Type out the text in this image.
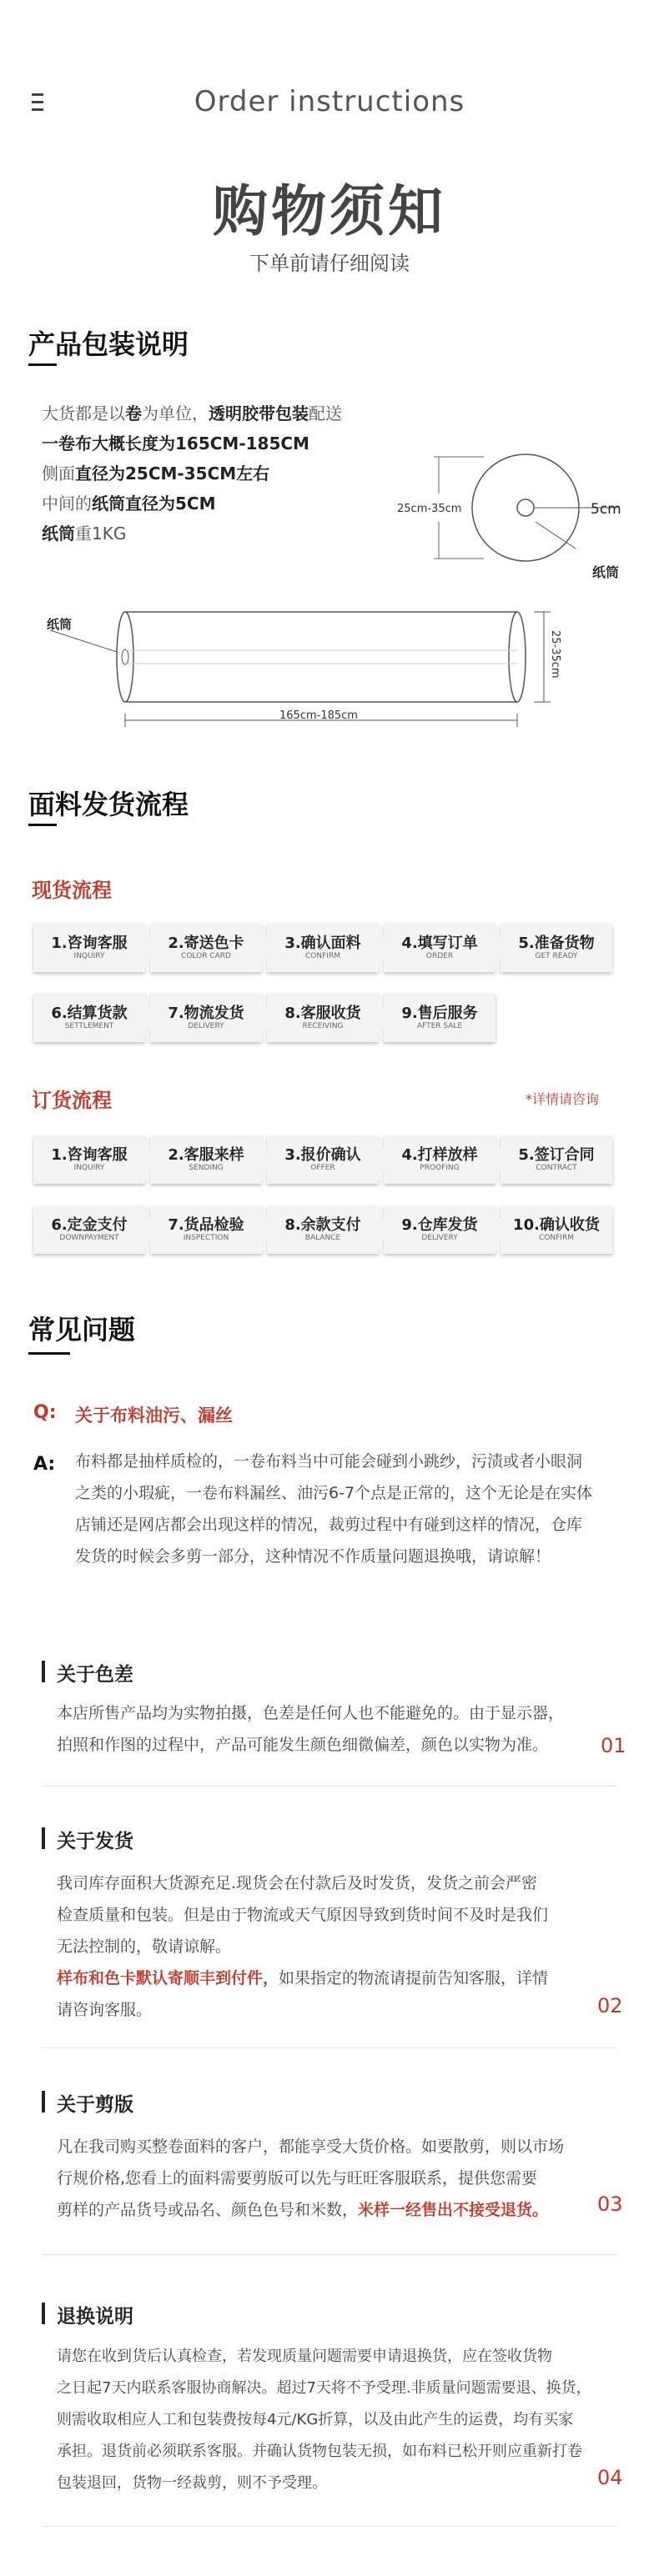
Order instructions
购物须知
下单前请仔细阅读
产品包装说明
大货都是以卷为单位，透明胶带包装配送
一卷布大概长度为165CM-185CM
侧面直径为25CM-35CM左右
中间的纸筒直径为5CM
纸筒重1KG
25cm-35cm	5cm
纸筒
纸筒
165cm-185cm
25-35cm
面料发货流程
现货流程
1.咨询客服
INQUIRY
2.寄送色卡
COLOR CARD
3.确认面料
CONFIRM
4.填写订单
ORDER
5.准备货物
GET READY
6.结算货款
SETTLEMENT
7.物流发货
DELIVERY
8.客服收货
RECEIVING
9.售后服务
AFTER SALE
订货流程	*详情请咨询
1.咨询客服
INQUIRY
2.客服来样
SENDING
3.报价确认
OFFER
4.打样放样
PROOFING
5.签订合同
CONTRACT
6.定金支付
DOWNPAYMENT
7.货品检验
INSPECTION
8.余款支付
BALANCE
9.仓库发货
DELIVERY
10.确认收货
CONFIRM
常见问题
Q: 关于布料油污、漏丝
A: 布料都是抽样质检的，一卷布料当中可能会碰到小跳纱，污渍或者小眼洞
之类的小瑕疵，一卷布料漏丝、油污6-7个点是正常的，这个无论是在实体
店铺还是网店都会出现这样的情况，裁剪过程中有碰到这样的情况，仓库
发货的时候会多剪一部分，这种情况不作质量问题退换哦，请谅解！
关于色差
本店所售产品均为实物拍摄，色差是任何人也不能避免的。由于显示器，
拍照和作图的过程中，产品可能发生颜色细微偏差，颜色以实物为准。	01
关于发货
我司库存面积大货源充足.现货会在付款后及时发货，发货之前会严密
检查质量和包装。但是由于物流或天气原因导致到货时间不及时是我们
无法控制的，敬请谅解。
样布和色卡默认寄顺丰到付件，如果指定的物流请提前告知客服，详情
请咨询客服。	02
关于剪版
凡在我司购买整卷面料的客户，都能享受大货价格。如要散剪，则以市场
行规价格,您看上的面料需要剪版可以先与旺旺客服联系，提供您需要
剪样的产品货号或品名、颜色色号和米数，米样一经售出不接受退货。	03
退换说明
请您在收到货后认真检查，若发现质量问题需要申请退换货，应在签收货物
之日起7天内联系客服协商解决。超过7天将不予受理.非质量问题需要退、换货，
则需收取相应人工和包装费按每4元/KG折算，以及由此产生的运费，均有买家
承担。退货前必须联系客服。并确认货物包装无损，如布料已松开则应重新打卷
包装退回，货物一经裁剪，则不予受理。	04
